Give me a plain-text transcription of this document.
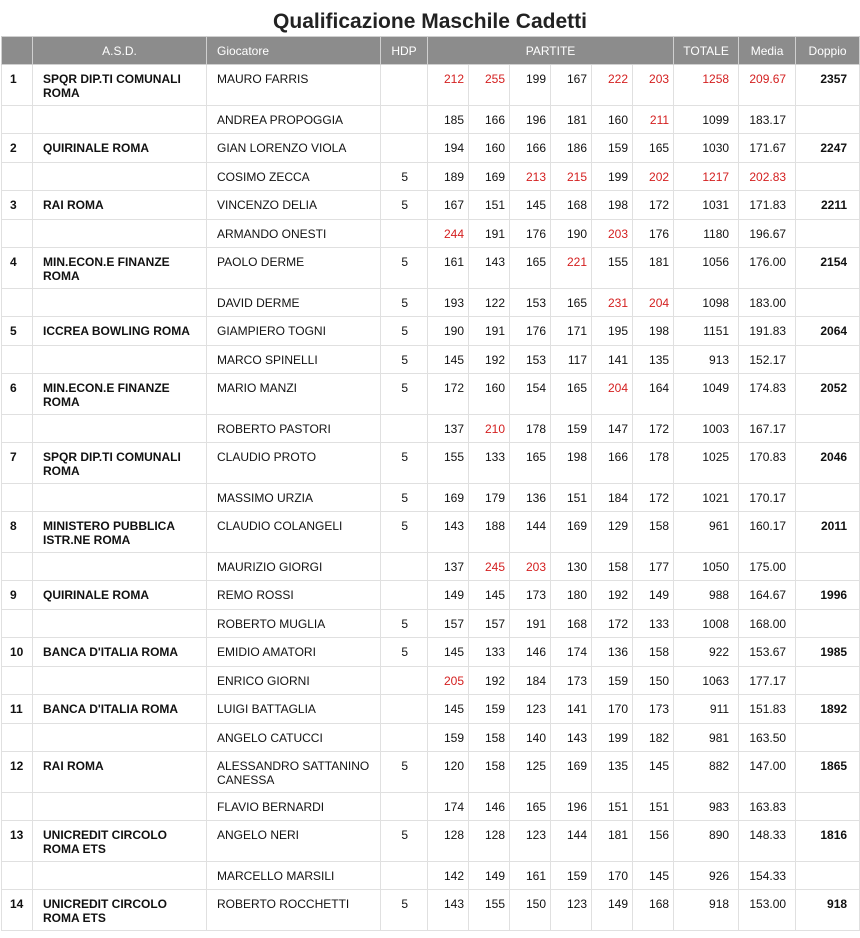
Qualificazione Maschile Cadetti
	A.S.D.	Giocatore	HDP	PARTITE						TOTALE	Media	Doppio
1	SPQR DIP.TI COMUNALI ROMA	MAURO FARRIS		212	255	199	167	222	203	1258	209.67	2357
		ANDREA PROPOGGIA		185	166	196	181	160	211	1099	183.17	
2	QUIRINALE ROMA	GIAN LORENZO VIOLA		194	160	166	186	159	165	1030	171.67	2247
		COSIMO ZECCA	5	189	169	213	215	199	202	1217	202.83	
3	RAI ROMA	VINCENZO DELIA	5	167	151	145	168	198	172	1031	171.83	2211
		ARMANDO ONESTI		244	191	176	190	203	176	1180	196.67	
4	MIN.ECON.E FINANZE ROMA	PAOLO DERME	5	161	143	165	221	155	181	1056	176.00	2154
		DAVID DERME	5	193	122	153	165	231	204	1098	183.00	
5	ICCREA BOWLING ROMA	GIAMPIERO TOGNI	5	190	191	176	171	195	198	1151	191.83	2064
		MARCO SPINELLI	5	145	192	153	117	141	135	913	152.17	
6	MIN.ECON.E FINANZE ROMA	MARIO MANZI	5	172	160	154	165	204	164	1049	174.83	2052
		ROBERTO PASTORI		137	210	178	159	147	172	1003	167.17	
7	SPQR DIP.TI COMUNALI ROMA	CLAUDIO PROTO	5	155	133	165	198	166	178	1025	170.83	2046
		MASSIMO URZIA	5	169	179	136	151	184	172	1021	170.17	
8	MINISTERO PUBBLICA ISTR.NE ROMA	CLAUDIO COLANGELI	5	143	188	144	169	129	158	961	160.17	2011
		MAURIZIO GIORGI		137	245	203	130	158	177	1050	175.00	
9	QUIRINALE ROMA	REMO ROSSI		149	145	173	180	192	149	988	164.67	1996
		ROBERTO MUGLIA	5	157	157	191	168	172	133	1008	168.00	
10	BANCA D'ITALIA ROMA	EMIDIO AMATORI	5	145	133	146	174	136	158	922	153.67	1985
		ENRICO GIORNI		205	192	184	173	159	150	1063	177.17	
11	BANCA D'ITALIA ROMA	LUIGI BATTAGLIA		145	159	123	141	170	173	911	151.83	1892
		ANGELO CATUCCI		159	158	140	143	199	182	981	163.50	
12	RAI ROMA	ALESSANDRO SATTANINO CANESSA	5	120	158	125	169	135	145	882	147.00	1865
		FLAVIO BERNARDI		174	146	165	196	151	151	983	163.83	
13	UNICREDIT CIRCOLO ROMA ETS	ANGELO NERI	5	128	128	123	144	181	156	890	148.33	1816
		MARCELLO MARSILI		142	149	161	159	170	145	926	154.33	
14	UNICREDIT CIRCOLO ROMA ETS	ROBERTO ROCCHETTI	5	143	155	150	123	149	168	918	153.00	918
